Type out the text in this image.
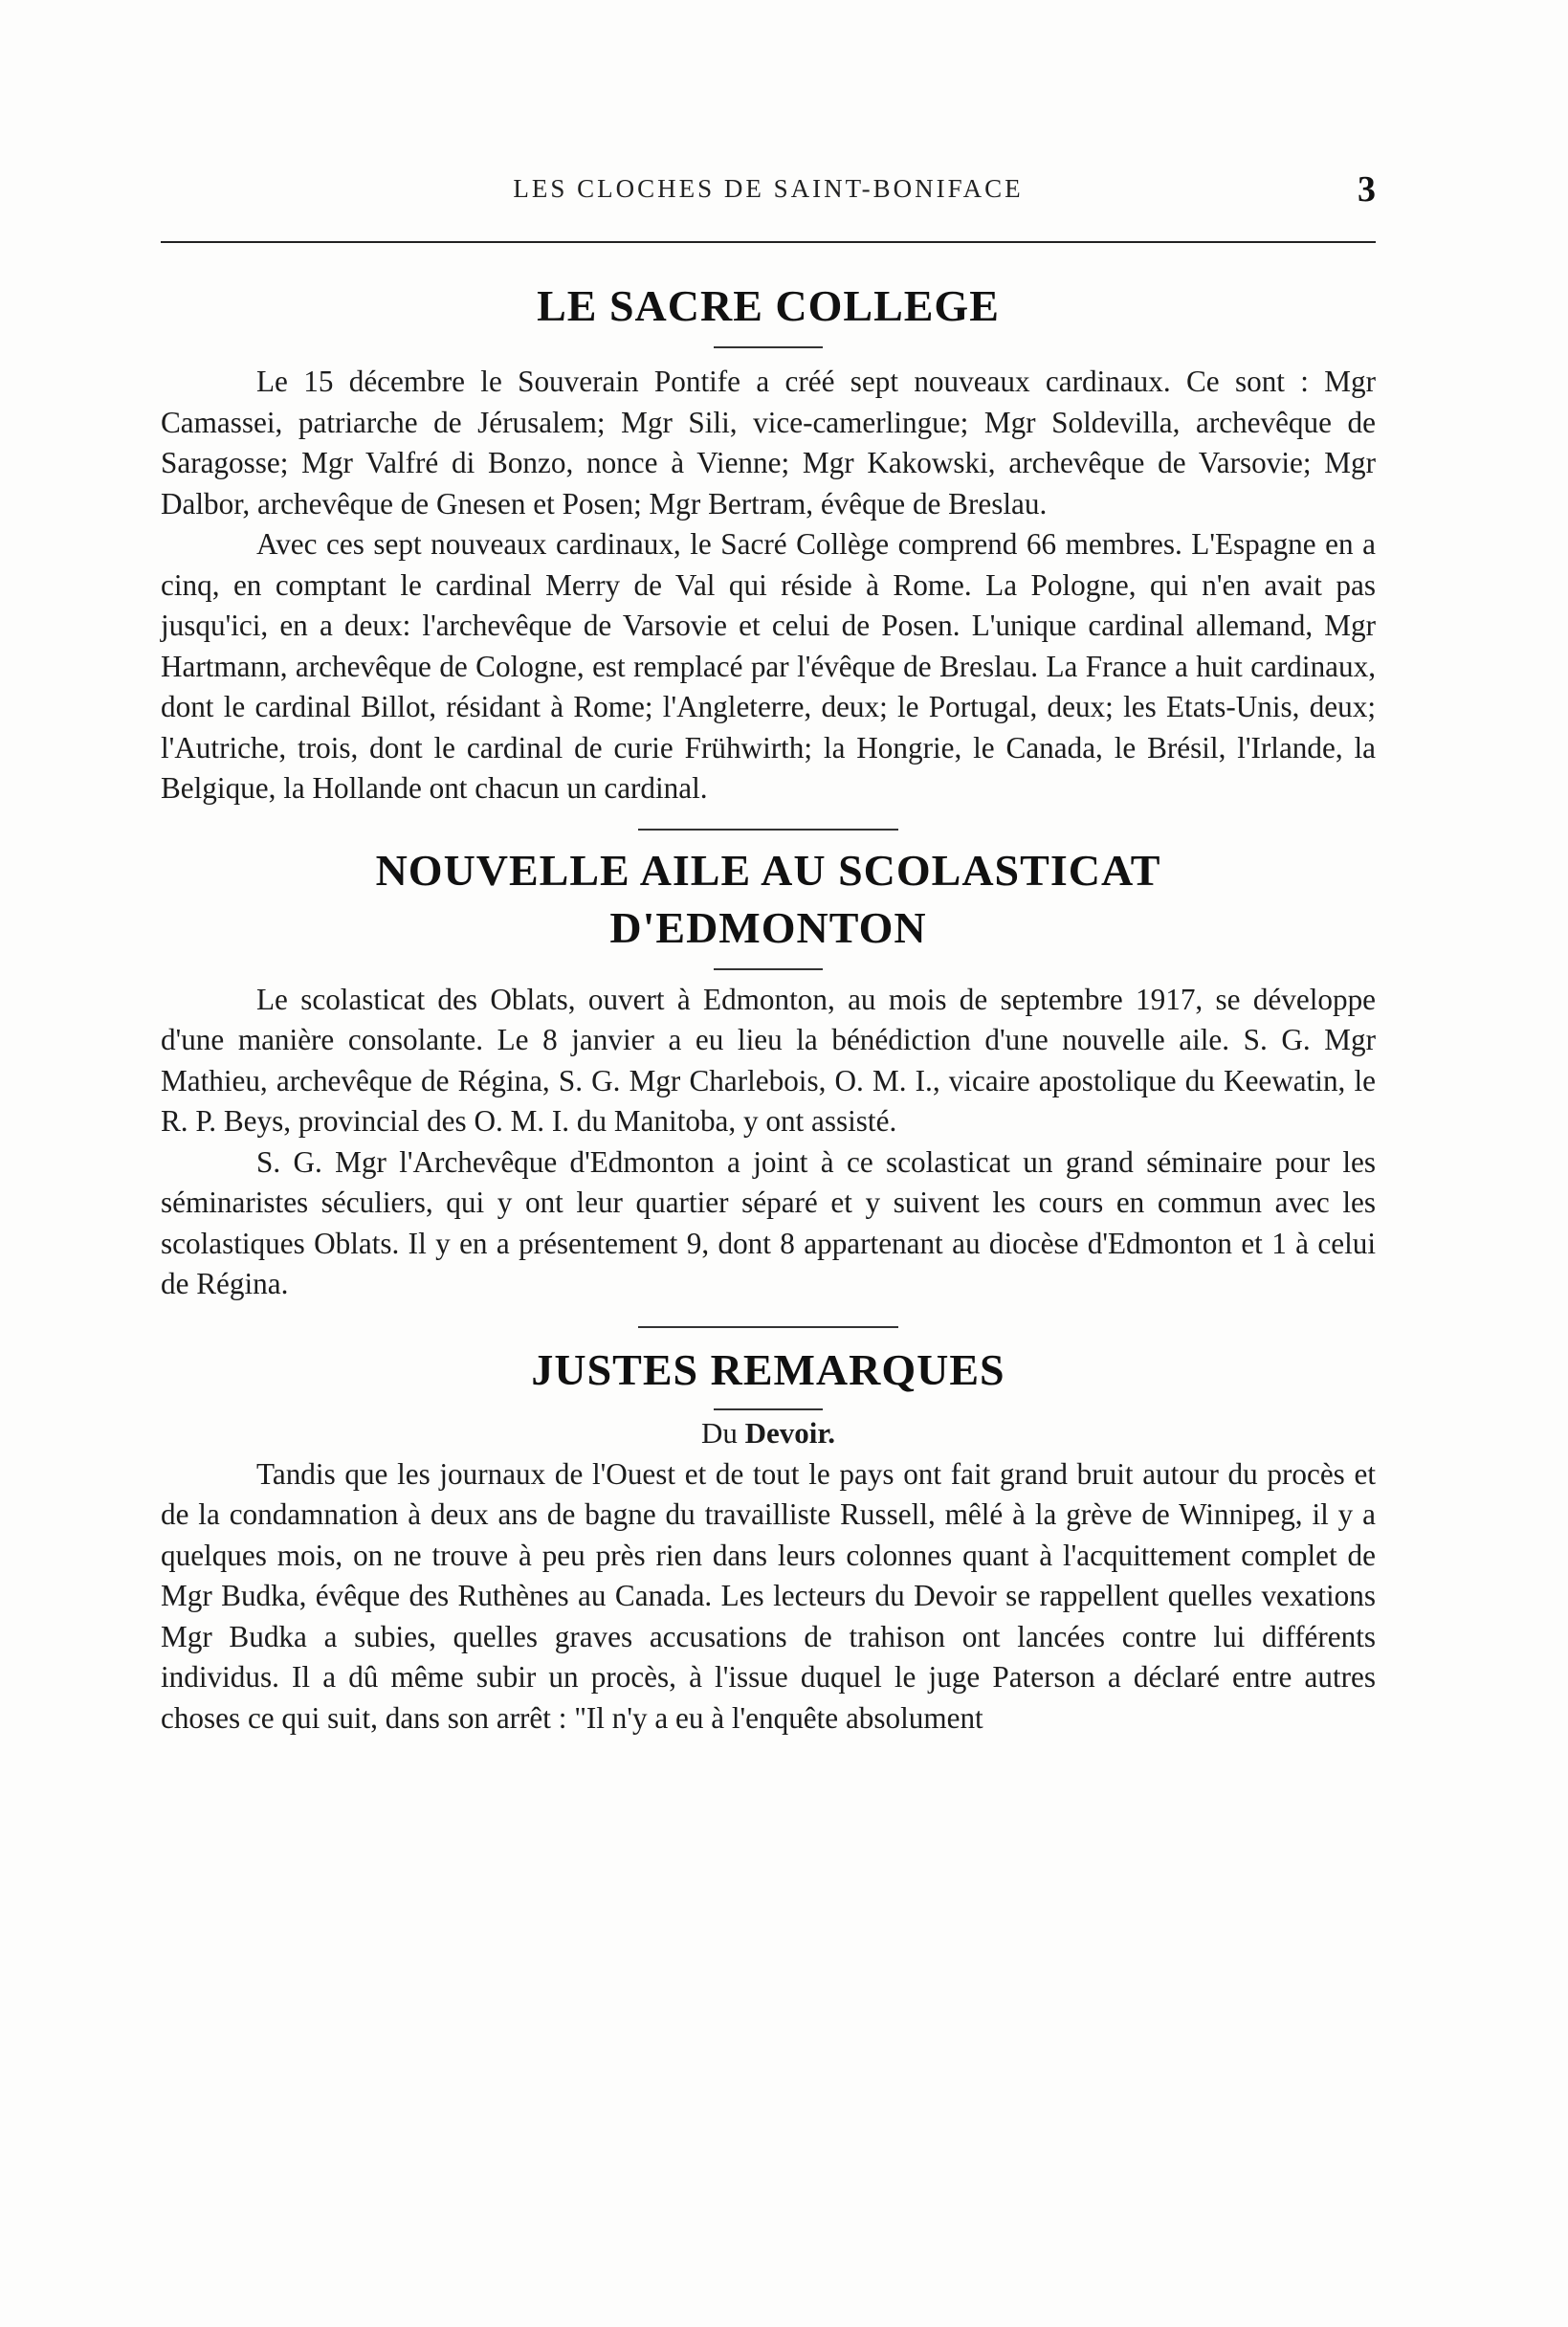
LES CLOCHES DE SAINT-BONIFACE	3
LE SACRE COLLEGE

Le 15 décembre le Souverain Pontife a créé sept nouveaux cardinaux. Ce sont : Mgr Camassei, patriarche de Jérusalem; Mgr Sili, vice-camerlingue; Mgr Soldevilla, archevêque de Saragosse; Mgr Valfré di Bonzo, nonce à Vienne; Mgr Kakowski, archevêque de Varsovie; Mgr Dalbor, archevêque de Gnesen et Posen; Mgr Bertram, évêque de Breslau.

Avec ces sept nouveaux cardinaux, le Sacré Collège comprend 66 membres. L'Espagne en a cinq, en comptant le cardinal Merry de Val qui réside à Rome. La Pologne, qui n'en avait pas jusqu'ici, en a deux: l'archevêque de Varsovie et celui de Posen. L'unique cardinal allemand, Mgr Hartmann, archevêque de Cologne, est remplacé par l'évêque de Breslau. La France a huit cardinaux, dont le cardinal Billot, résidant à Rome; l'Angleterre, deux; le Portugal, deux; les Etats-Unis, deux; l'Autriche, trois, dont le cardinal de curie Frühwirth; la Hongrie, le Canada, le Brésil, l'Irlande, la Belgique, la Hollande ont chacun un cardinal.

NOUVELLE AILE AU SCOLASTICAT
D'EDMONTON

Le scolasticat des Oblats, ouvert à Edmonton, au mois de septembre 1917, se développe d'une manière consolante. Le 8 janvier a eu lieu la bénédiction d'une nouvelle aile. S. G. Mgr Mathieu, archevêque de Régina, S. G. Mgr Charlebois, O. M. I., vicaire apostolique du Keewatin, le R. P. Beys, provincial des O. M. I. du Manitoba, y ont assisté.

S. G. Mgr l'Archevêque d'Edmonton a joint à ce scolasticat un grand séminaire pour les séminaristes séculiers, qui y ont leur quartier séparé et y suivent les cours en commun avec les scolastiques Oblats. Il y en a présentement 9, dont 8 appartenant au diocèse d'Edmonton et 1 à celui de Régina.

JUSTES REMARQUES

Du Devoir.

Tandis que les journaux de l'Ouest et de tout le pays ont fait grand bruit autour du procès et de la condamnation à deux ans de bagne du travailliste Russell, mêlé à la grève de Winnipeg, il y a quelques mois, on ne trouve à peu près rien dans leurs colonnes quant à l'acquittement complet de Mgr Budka, évêque des Ruthènes au Canada. Les lecteurs du Devoir se rappellent quelles vexations Mgr Budka a subies, quelles graves accusations de trahison ont lancées contre lui différents individus. Il a dû même subir un procès, à l'issue duquel le juge Paterson a déclaré entre autres choses ce qui suit, dans son arrêt : "Il n'y a eu à l'enquête absolument
